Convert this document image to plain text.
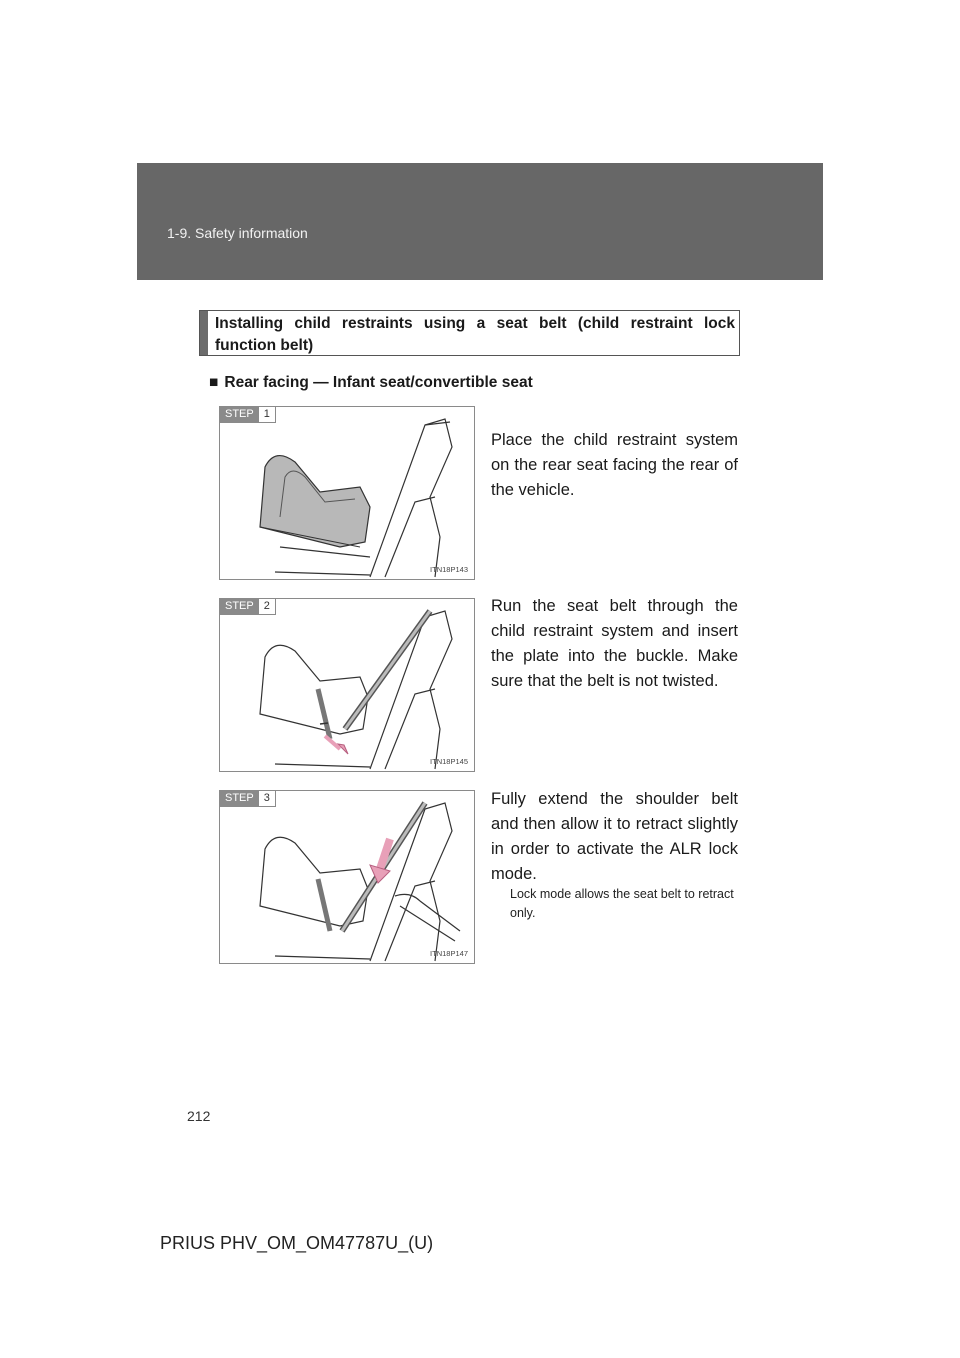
1-9. Safety information
Installing child restraints using a seat belt (child restraint lock function belt)
■ Rear facing — Infant seat/convertible seat
STEP 1
ITN18P143
Place the child restraint system on the rear seat facing the rear of the vehicle.
STEP 2
ITN18P145
Run the seat belt through the child restraint system and insert the plate into the buckle. Make sure that the belt is not twisted.
STEP 3
ITN18P147
Fully extend the shoulder belt and then allow it to retract slightly in order to activate the ALR lock mode.
Lock mode allows the seat belt to retract only.
212
PRIUS PHV_OM_OM47787U_(U)
